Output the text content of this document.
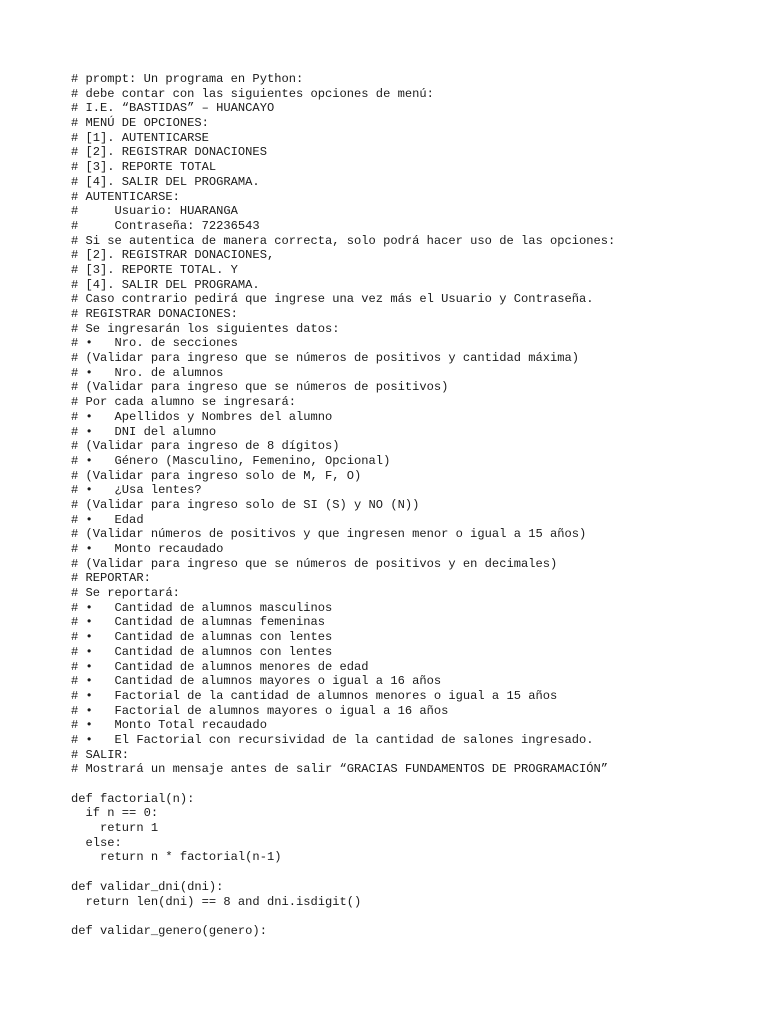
# prompt: Un programa en Python:
# debe contar con las siguientes opciones de menú:
# I.E. “BASTIDAS” – HUANCAYO
# MENÚ DE OPCIONES:
# [1]. AUTENTICARSE
# [2]. REGISTRAR DONACIONES
# [3]. REPORTE TOTAL
# [4]. SALIR DEL PROGRAMA.
# AUTENTICARSE:
#     Usuario: HUARANGA
#     Contraseña: 72236543
# Si se autentica de manera correcta, solo podrá hacer uso de las opciones:
# [2]. REGISTRAR DONACIONES,
# [3]. REPORTE TOTAL. Y
# [4]. SALIR DEL PROGRAMA.
# Caso contrario pedirá que ingrese una vez más el Usuario y Contraseña.
# REGISTRAR DONACIONES:
# Se ingresarán los siguientes datos:
# •   Nro. de secciones
# (Validar para ingreso que se números de positivos y cantidad máxima)
# •   Nro. de alumnos
# (Validar para ingreso que se números de positivos)
# Por cada alumno se ingresará:
# •   Apellidos y Nombres del alumno
# •   DNI del alumno
# (Validar para ingreso de 8 dígitos)
# •   Género (Masculino, Femenino, Opcional)
# (Validar para ingreso solo de M, F, O)
# •   ¿Usa lentes?
# (Validar para ingreso solo de SI (S) y NO (N))
# •   Edad
# (Validar números de positivos y que ingresen menor o igual a 15 años)
# •   Monto recaudado
# (Validar para ingreso que se números de positivos y en decimales)
# REPORTAR:
# Se reportará:
# •   Cantidad de alumnos masculinos
# •   Cantidad de alumnas femeninas
# •   Cantidad de alumnas con lentes
# •   Cantidad de alumnos con lentes
# •   Cantidad de alumnos menores de edad
# •   Cantidad de alumnos mayores o igual a 16 años
# •   Factorial de la cantidad de alumnos menores o igual a 15 años
# •   Factorial de alumnos mayores o igual a 16 años
# •   Monto Total recaudado
# •   El Factorial con recursividad de la cantidad de salones ingresado.
# SALIR:
# Mostrará un mensaje antes de salir “GRACIAS FUNDAMENTOS DE PROGRAMACIÓN”
def factorial(n):
if n == 0:
return 1
else:
return n * factorial(n-1)
def validar_dni(dni):
return len(dni) == 8 and dni.isdigit()
def validar_genero(genero):
